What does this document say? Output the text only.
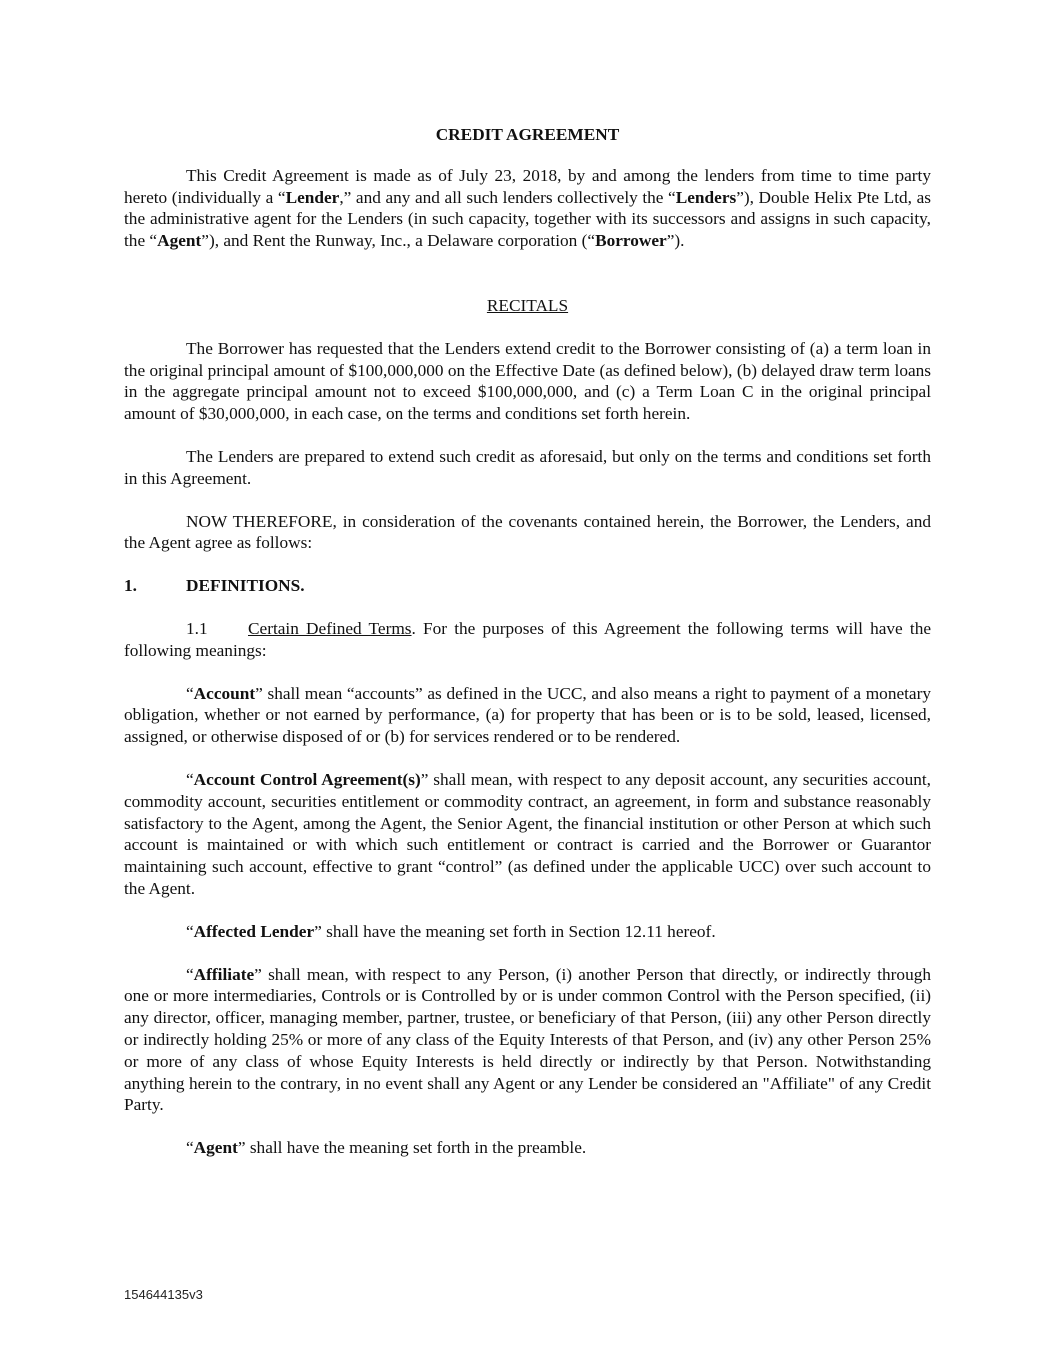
CREDIT AGREEMENT

This Credit Agreement is made as of July 23, 2018, by and among the lenders from time to time party hereto (individually a “Lender,” and any and all such lenders collectively the “Lenders”), Double Helix Pte Ltd, as the administrative agent for the Lenders (in such capacity, together with its successors and assigns in such capacity, the “Agent”), and Rent the Runway, Inc., a Delaware corporation (“Borrower”).

RECITALS

The Borrower has requested that the Lenders extend credit to the Borrower consisting of (a) a term loan in the original principal amount of $100,000,000 on the Effective Date (as defined below), (b) delayed draw term loans in the aggregate principal amount not to exceed $100,000,000, and (c) a Term Loan C in the original principal amount of $30,000,000, in each case, on the terms and conditions set forth herein.

The Lenders are prepared to extend such credit as aforesaid, but only on the terms and conditions set forth in this Agreement.

NOW THEREFORE, in consideration of the covenants contained herein, the Borrower, the Lenders, and the Agent agree as follows:

1.	DEFINITIONS.

1.1 Certain Defined Terms. For the purposes of this Agreement the following terms will have the following meanings:

“Account” shall mean “accounts” as defined in the UCC, and also means a right to payment of a monetary obligation, whether or not earned by performance, (a) for property that has been or is to be sold, leased, licensed, assigned, or otherwise disposed of or (b) for services rendered or to be rendered.

“Account Control Agreement(s)” shall mean, with respect to any deposit account, any securities account, commodity account, securities entitlement or commodity contract, an agreement, in form and substance reasonably satisfactory to the Agent, among the Agent, the Senior Agent, the financial institution or other Person at which such account is maintained or with which such entitlement or contract is carried and the Borrower or Guarantor maintaining such account, effective to grant “control” (as defined under the applicable UCC) over such account to the Agent.

“Affected Lender” shall have the meaning set forth in Section 12.11 hereof.

“Affiliate” shall mean, with respect to any Person, (i) another Person that directly, or indirectly through one or more intermediaries, Controls or is Controlled by or is under common Control with the Person specified, (ii) any director, officer, managing member, partner, trustee, or beneficiary of that Person, (iii) any other Person directly or indirectly holding 25% or more of any class of the Equity Interests of that Person, and (iv) any other Person 25% or more of any class of whose Equity Interests is held directly or indirectly by that Person. Notwithstanding anything herein to the contrary, in no event shall any Agent or any Lender be considered an "Affiliate" of any Credit Party.

“Agent” shall have the meaning set forth in the preamble.

154644135v3
